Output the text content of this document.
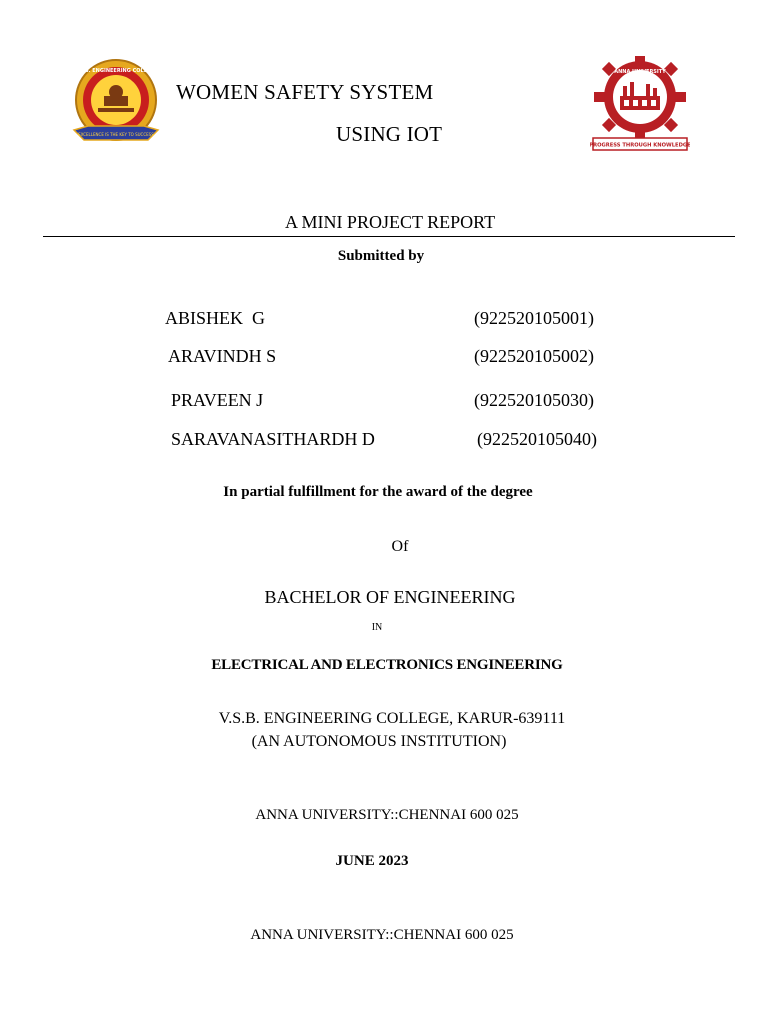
V.S.B. ENGINEERING COLLEGE
EXCELLENCE IS THE KEY TO SUCCESS
ANNA UNIVERSITY
PROGRESS THROUGH KNOWLEDGE
WOMEN SAFETY SYSTEM
USING IOT
A MINI PROJECT REPORT
Submitted by
ABISHEK  G	(922520105001)
ARAVINDH S	(922520105002)
PRAVEEN J	(922520105030)
SARAVANASITHARDH D	(922520105040)
In partial fulfillment for the award of the degree
Of
BACHELOR OF ENGINEERING
IN
ELECTRICAL AND ELECTRONICS ENGINEERING
V.S.B. ENGINEERING COLLEGE, KARUR-639111
(AN AUTONOMOUS INSTITUTION)
ANNA UNIVERSITY::CHENNAI 600 025
JUNE 2023
ANNA UNIVERSITY::CHENNAI 600 025
